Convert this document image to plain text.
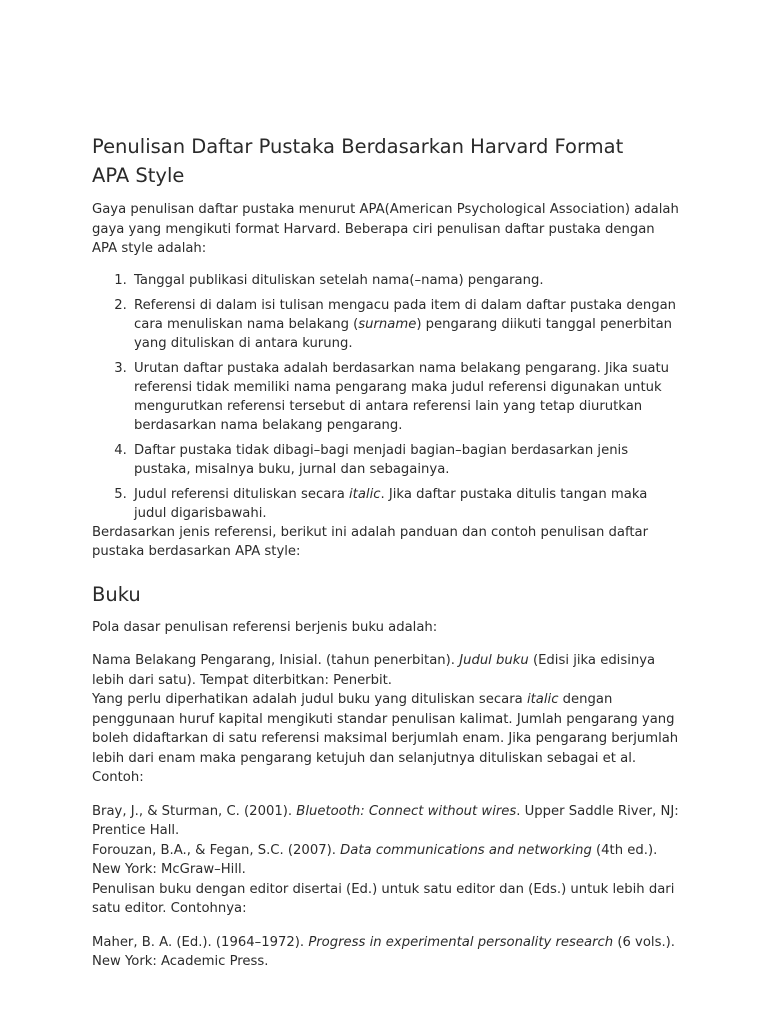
Penulisan Daftar Pustaka Berdasarkan Harvard Format
APA Style

Gaya penulisan daftar pustaka menurut APA(American Psychological Association) adalah gaya yang mengikuti format Harvard. Beberapa ciri penulisan daftar pustaka dengan APA style adalah:

1. Tanggal publikasi dituliskan setelah nama(–nama) pengarang.
2. Referensi di dalam isi tulisan mengacu pada item di dalam daftar pustaka dengan cara menuliskan nama belakang (surname) pengarang diikuti tanggal penerbitan yang dituliskan di antara kurung.
3. Urutan daftar pustaka adalah berdasarkan nama belakang pengarang. Jika suatu referensi tidak memiliki nama pengarang maka judul referensi digunakan untuk mengurutkan referensi tersebut di antara referensi lain yang tetap diurutkan berdasarkan nama belakang pengarang.
4. Daftar pustaka tidak dibagi–bagi menjadi bagian–bagian berdasarkan jenis pustaka, misalnya buku, jurnal dan sebagainya.
5. Judul referensi dituliskan secara italic. Jika daftar pustaka ditulis tangan maka judul digarisbawahi.

Berdasarkan jenis referensi, berikut ini adalah panduan dan contoh penulisan daftar pustaka berdasarkan APA style:

Buku

Pola dasar penulisan referensi berjenis buku adalah:

Nama Belakang Pengarang, Inisial. (tahun penerbitan). Judul buku (Edisi jika edisinya lebih dari satu). Tempat diterbitkan: Penerbit.

Yang perlu diperhatikan adalah judul buku yang dituliskan secara italic dengan penggunaan huruf kapital mengikuti standar penulisan kalimat. Jumlah pengarang yang boleh didaftarkan di satu referensi maksimal berjumlah enam. Jika pengarang berjumlah lebih dari enam maka pengarang ketujuh dan selanjutnya dituliskan sebagai et al.

Contoh:

Bray, J., & Sturman, C. (2001). Bluetooth: Connect without wires. Upper Saddle River, NJ: Prentice Hall.

Forouzan, B.A., & Fegan, S.C. (2007). Data communications and networking (4th ed.). New York: McGraw–Hill.

Penulisan buku dengan editor disertai (Ed.) untuk satu editor dan (Eds.) untuk lebih dari satu editor. Contohnya:

Maher, B. A. (Ed.). (1964–1972). Progress in experimental personality research (6 vols.). New York: Academic Press.
